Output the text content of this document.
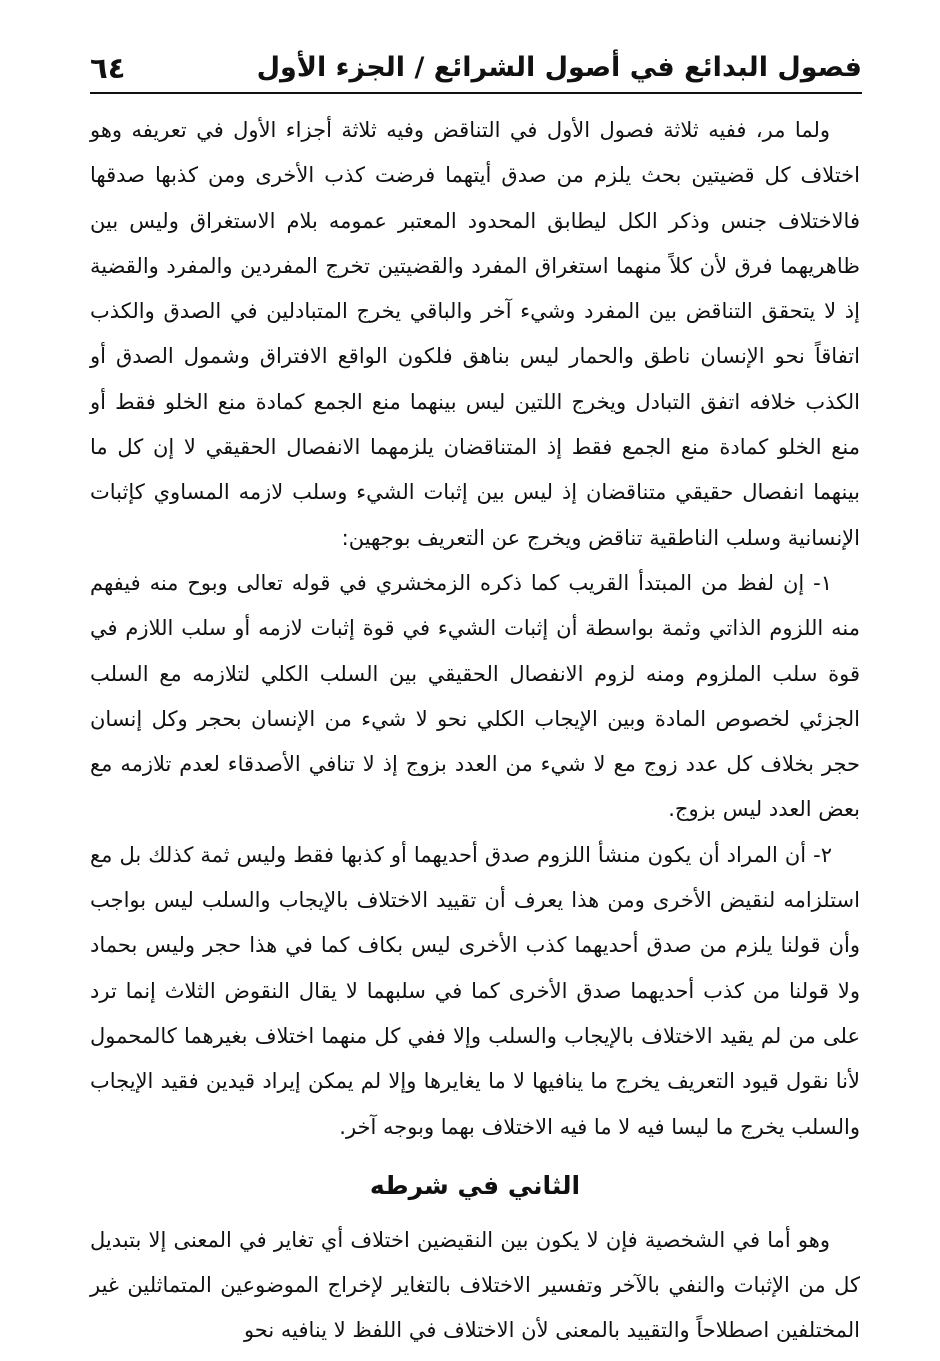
فصول البدائع في أصول الشرائع / الجزء الأول
٦٤

ولما مر، ففيه ثلاثة فصول الأول في التناقض وفيه ثلاثة أجزاء الأول في تعريفه وهو اختلاف كل قضيتين بحث يلزم من صدق أيتهما فرضت كذب الأخرى ومن كذبها صدقها فالاختلاف جنس وذكر الكل ليطابق المحدود المعتبر عمومه بلام الاستغراق وليس بين ظاهريهما فرق لأن كلاً منهما استغراق المفرد والقضيتين تخرج المفردين والمفرد والقضية إذ لا يتحقق التناقض بين المفرد وشيء آخر والباقي يخرج المتبادلين في الصدق والكذب اتفاقاً نحو الإنسان ناطق والحمار ليس بناهق فلكون الواقع الافتراق وشمول الصدق أو الكذب خلافه اتفق التبادل ويخرج اللتين ليس بينهما منع الجمع كمادة منع الخلو فقط أو منع الخلو كمادة منع الجمع فقط إذ المتناقضان يلزمهما الانفصال الحقيقي لا إن كل ما بينهما انفصال حقيقي متناقضان إذ ليس بين إثبات الشيء وسلب لازمه المساوي كإثبات الإنسانية وسلب الناطقية تناقض ويخرج عن التعريف بوجهين:

١- إن لفظ من المبتدأ القريب كما ذكره الزمخشري في قوله تعالى وبوح منه فيفهم منه اللزوم الذاتي وثمة بواسطة أن إثبات الشيء في قوة إثبات لازمه أو سلب اللازم في قوة سلب الملزوم ومنه لزوم الانفصال الحقيقي بين السلب الكلي لتلازمه مع السلب الجزئي لخصوص المادة وبين الإيجاب الكلي نحو لا شيء من الإنسان بحجر وكل إنسان حجر بخلاف كل عدد زوج مع لا شيء من العدد بزوج إذ لا تنافي الأصدقاء لعدم تلازمه مع بعض العدد ليس بزوج.

٢- أن المراد أن يكون منشأ اللزوم صدق أحديهما أو كذبها فقط وليس ثمة كذلك بل مع استلزامه لنقيض الأخرى ومن هذا يعرف أن تقييد الاختلاف بالإيجاب والسلب ليس بواجب وأن قولنا يلزم من صدق أحديهما كذب الأخرى ليس بكاف كما في هذا حجر وليس بحماد ولا قولنا من كذب أحديهما صدق الأخرى كما في سلبهما لا يقال النقوض الثلاث إنما ترد على من لم يقيد الاختلاف بالإيجاب والسلب وإلا ففي كل منهما اختلاف بغيرهما كالمحمول لأنا نقول قيود التعريف يخرج ما ينافيها لا ما يغايرها وإلا لم يمكن إيراد قيدين فقيد الإيجاب والسلب يخرج ما ليسا فيه لا ما فيه الاختلاف بهما وبوجه آخر.

الثاني في شرطه

وهو أما في الشخصية فإن لا يكون بين النقيضين اختلاف أي تغاير في المعنى إلا بتبديل كل من الإثبات والنفي بالآخر وتفسير الاختلاف بالتغاير لإخراج الموضوعين المتماثلين غير المختلفين اصطلاحاً والتقييد بالمعنى لأن الاختلاف في اللفظ لا ينافيه نحو
